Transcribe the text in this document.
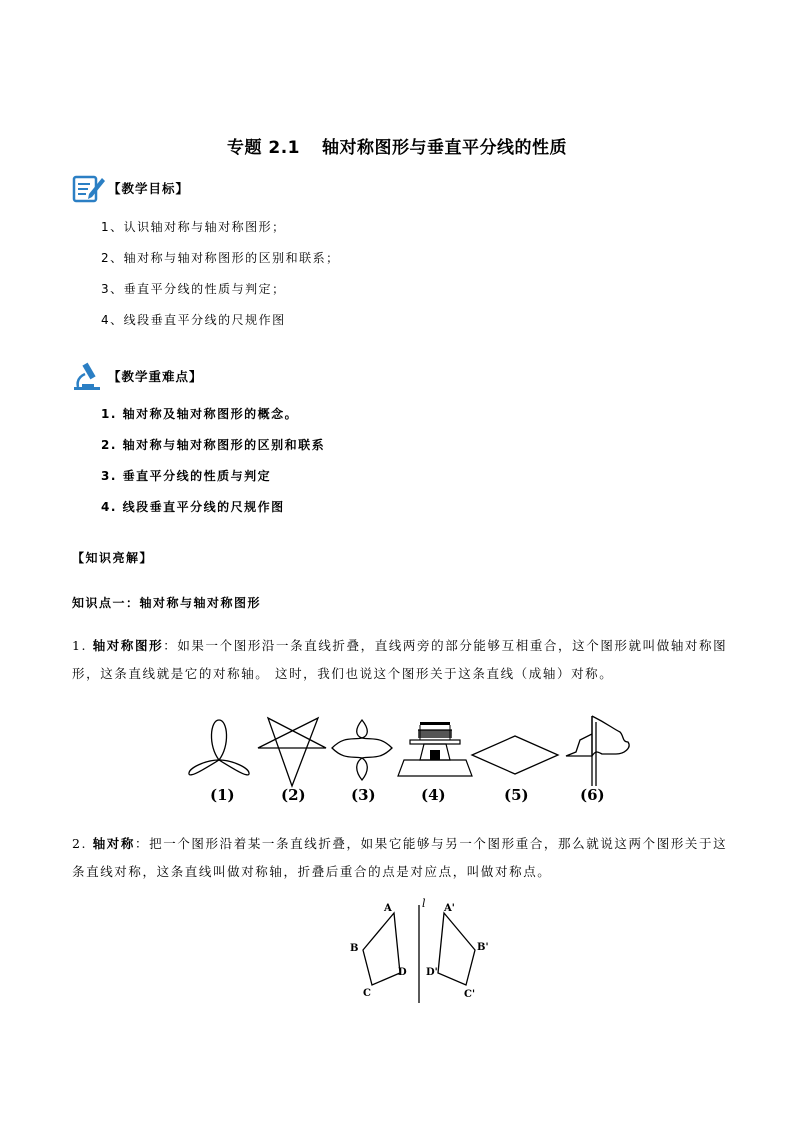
专题 2.1 轴对称图形与垂直平分线的性质
【教学目标】
1、认识轴对称与轴对称图形；
2、轴对称与轴对称图形的区别和联系；
3、垂直平分线的性质与判定；
4、线段垂直平分线的尺规作图
【教学重难点】
1. 轴对称及轴对称图形的概念。
2. 轴对称与轴对称图形的区别和联系
3. 垂直平分线的性质与判定
4. 线段垂直平分线的尺规作图
【知识亮解】
知识点一：轴对称与轴对称图形
1. 轴对称图形：如果一个图形沿一条直线折叠，直线两旁的部分能够互相重合，这个图形就叫做轴对称图
形，这条直线就是它的对称轴。 这时，我们也说这个图形关于这条直线（成轴）对称。
(1)	(2)	(3)	(4)	(5)	(6)
2. 轴对称：把一个图形沿着某一条直线折叠，如果它能够与另一个图形重合，那么就说这两个图形关于这
条直线对称，这条直线叫做对称轴，折叠后重合的点是对应点，叫做对称点。
l
A
B
C
D
A'
B'
C'
D'
